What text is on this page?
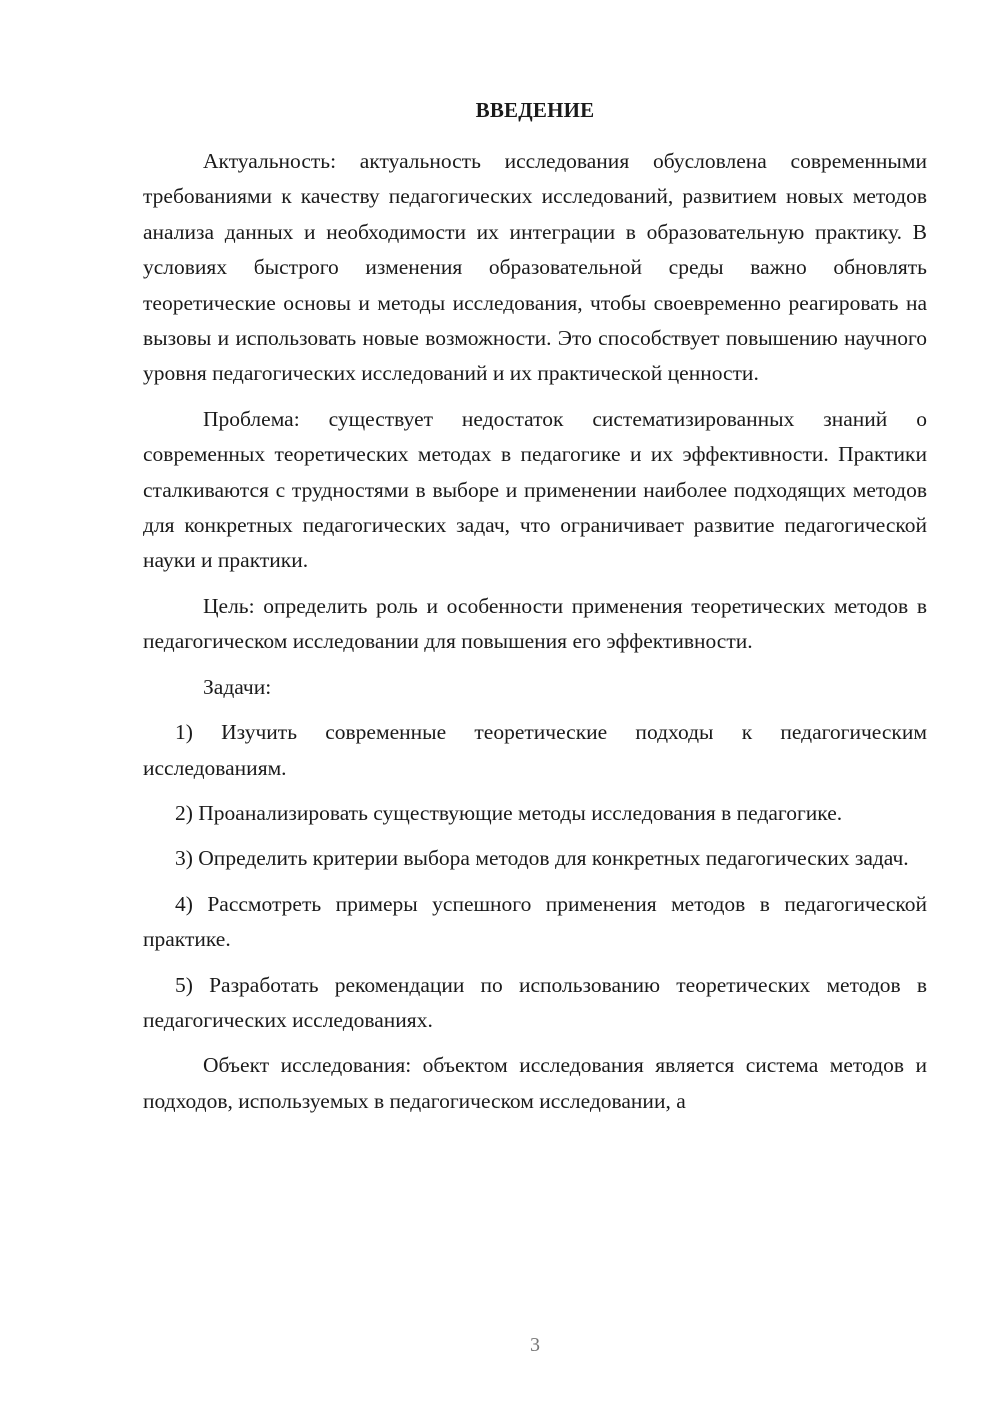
ВВЕДЕНИЕ

Актуальность: актуальность исследования обусловлена современными требованиями к качеству педагогических исследований, развитием новых методов анализа данных и необходимости их интеграции в образовательную практику. В условиях быстрого изменения образовательной среды важно обновлять теоретические основы и методы исследования, чтобы своевременно реагировать на вызовы и использовать новые возможности. Это способствует повышению научного уровня педагогических исследований и их практической ценности.

Проблема: существует недостаток систематизированных знаний о современных теоретических методах в педагогике и их эффективности. Практики сталкиваются с трудностями в выборе и применении наиболее подходящих методов для конкретных педагогических задач, что ограничивает развитие педагогической науки и практики.

Цель: определить роль и особенности применения теоретических методов в педагогическом исследовании для повышения его эффективности.

Задачи:

1) Изучить современные теоретические подходы к педагогическим исследованиям.

2) Проанализировать существующие методы исследования в педагогике.

3) Определить критерии выбора методов для конкретных педагогических задач.

4) Рассмотреть примеры успешного применения методов в педагогической практике.

5) Разработать рекомендации по использованию теоретических методов в педагогических исследованиях.

Объект исследования: объектом исследования является система методов и подходов, используемых в педагогическом исследовании, а

3
